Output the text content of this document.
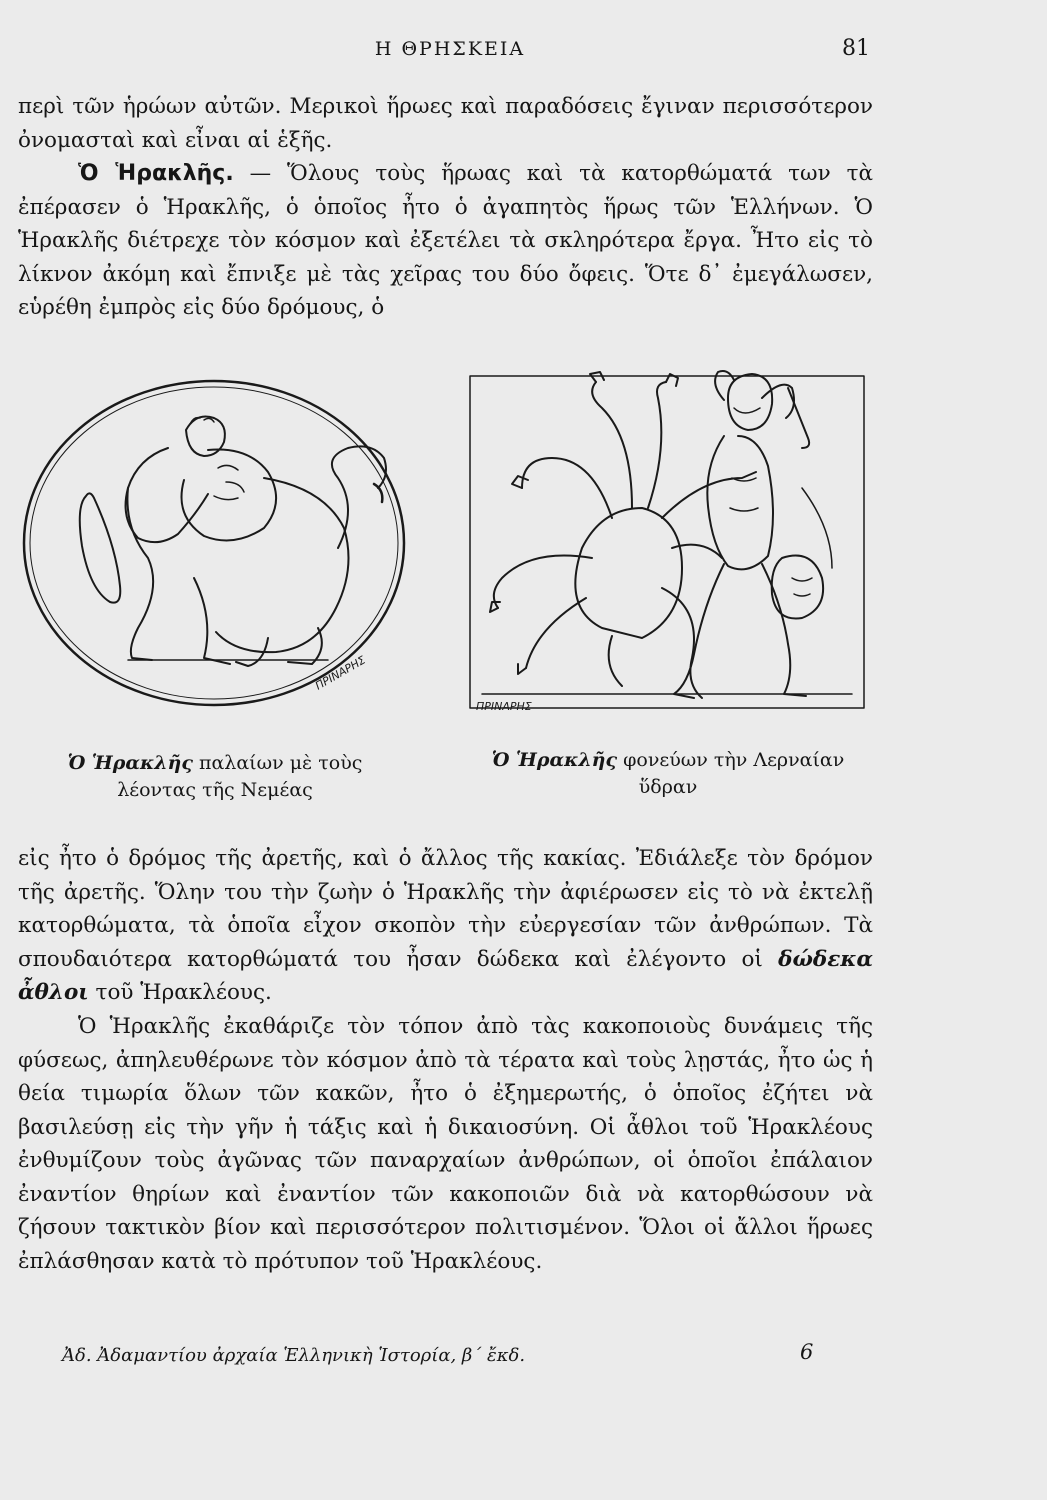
Η ΘΡΗΣΚΕΙΑ	81

περὶ τῶν ἡρώων αὐτῶν. Μερικοὶ ἥρωες καὶ παραδόσεις ἔγιναν περισσότερον ὀνομασταὶ καὶ εἶναι αἱ ἑξῆς.

Ὁ Ἡρακλῆς. — Ὅλους τοὺς ἥρωας καὶ τὰ κατορθώματά των τὰ ἐπέρασεν ὁ Ἡρακλῆς, ὁ ὁποῖος ἦτο ὁ ἀγαπητὸς ἥρως τῶν Ἑλλήνων. Ὁ Ἡρακλῆς διέτρεχε τὸν κόσμον καὶ ἐξετέλει τὰ σκληρότερα ἔργα. Ἦτο εἰς τὸ λίκνον ἀκόμη καὶ ἔπνιξε μὲ τὰς χεῖρας του δύο ὄφεις. Ὅτε δ᾽ ἐμεγάλωσεν, εὑρέθη ἐμπρὸς εἰς δύο δρόμους, ὁ

ΠΡΙΝΑΡΗΣ
ΠΡΙΝΑΡΗΣ
Ὁ Ἡρακλῆς παλαίων μὲ τοὺς λέοντας τῆς Νεμέας
Ὁ Ἡρακλῆς φονεύων τὴν Λερναίαν ὕδραν

εἰς ἦτο ὁ δρόμος τῆς ἀρετῆς, καὶ ὁ ἄλλος τῆς κακίας. Ἐδιάλεξε τὸν δρόμον τῆς ἀρετῆς. Ὅλην του τὴν ζωὴν ὁ Ἡρακλῆς τὴν ἀφιέρωσεν εἰς τὸ νὰ ἐκτελῇ κατορθώματα, τὰ ὁποῖα εἶχον σκοπὸν τὴν εὐεργεσίαν τῶν ἀνθρώπων. Τὰ σπουδαιότερα κατορθώματά του ἦσαν δώδεκα καὶ ἐλέγοντο οἱ δώδεκα ἆθλοι τοῦ Ἡρακλέους.

Ὁ Ἡρακλῆς ἐκαθάριζε τὸν τόπον ἀπὸ τὰς κακοποιοὺς δυνάμεις τῆς φύσεως, ἀπηλευθέρωνε τὸν κόσμον ἀπὸ τὰ τέρατα καὶ τοὺς λῃστάς, ἦτο ὡς ἡ θεία τιμωρία ὅλων τῶν κακῶν, ἦτο ὁ ἐξημερωτής, ὁ ὁποῖος ἐζήτει νὰ βασιλεύσῃ εἰς τὴν γῆν ἡ τάξις καὶ ἡ δικαιοσύνη. Οἱ ἆθλοι τοῦ Ἡρακλέους ἐνθυμίζουν τοὺς ἀγῶνας τῶν παναρχαίων ἀνθρώπων, οἱ ὁποῖοι ἐπάλαιον ἐναντίον θηρίων καὶ ἐναντίον τῶν κακοποιῶν διὰ νὰ κατορθώσουν νὰ ζήσουν τακτικὸν βίον καὶ περισσότερον πολιτισμένον. Ὅλοι οἱ ἄλλοι ἥρωες ἐπλάσθησαν κατὰ τὸ πρότυπον τοῦ Ἡρακλέους.

Ἀδ. Ἀδαμαντίου ἀρχαία Ἑλληνικὴ Ἱστορία, β΄ ἔκδ.	6
